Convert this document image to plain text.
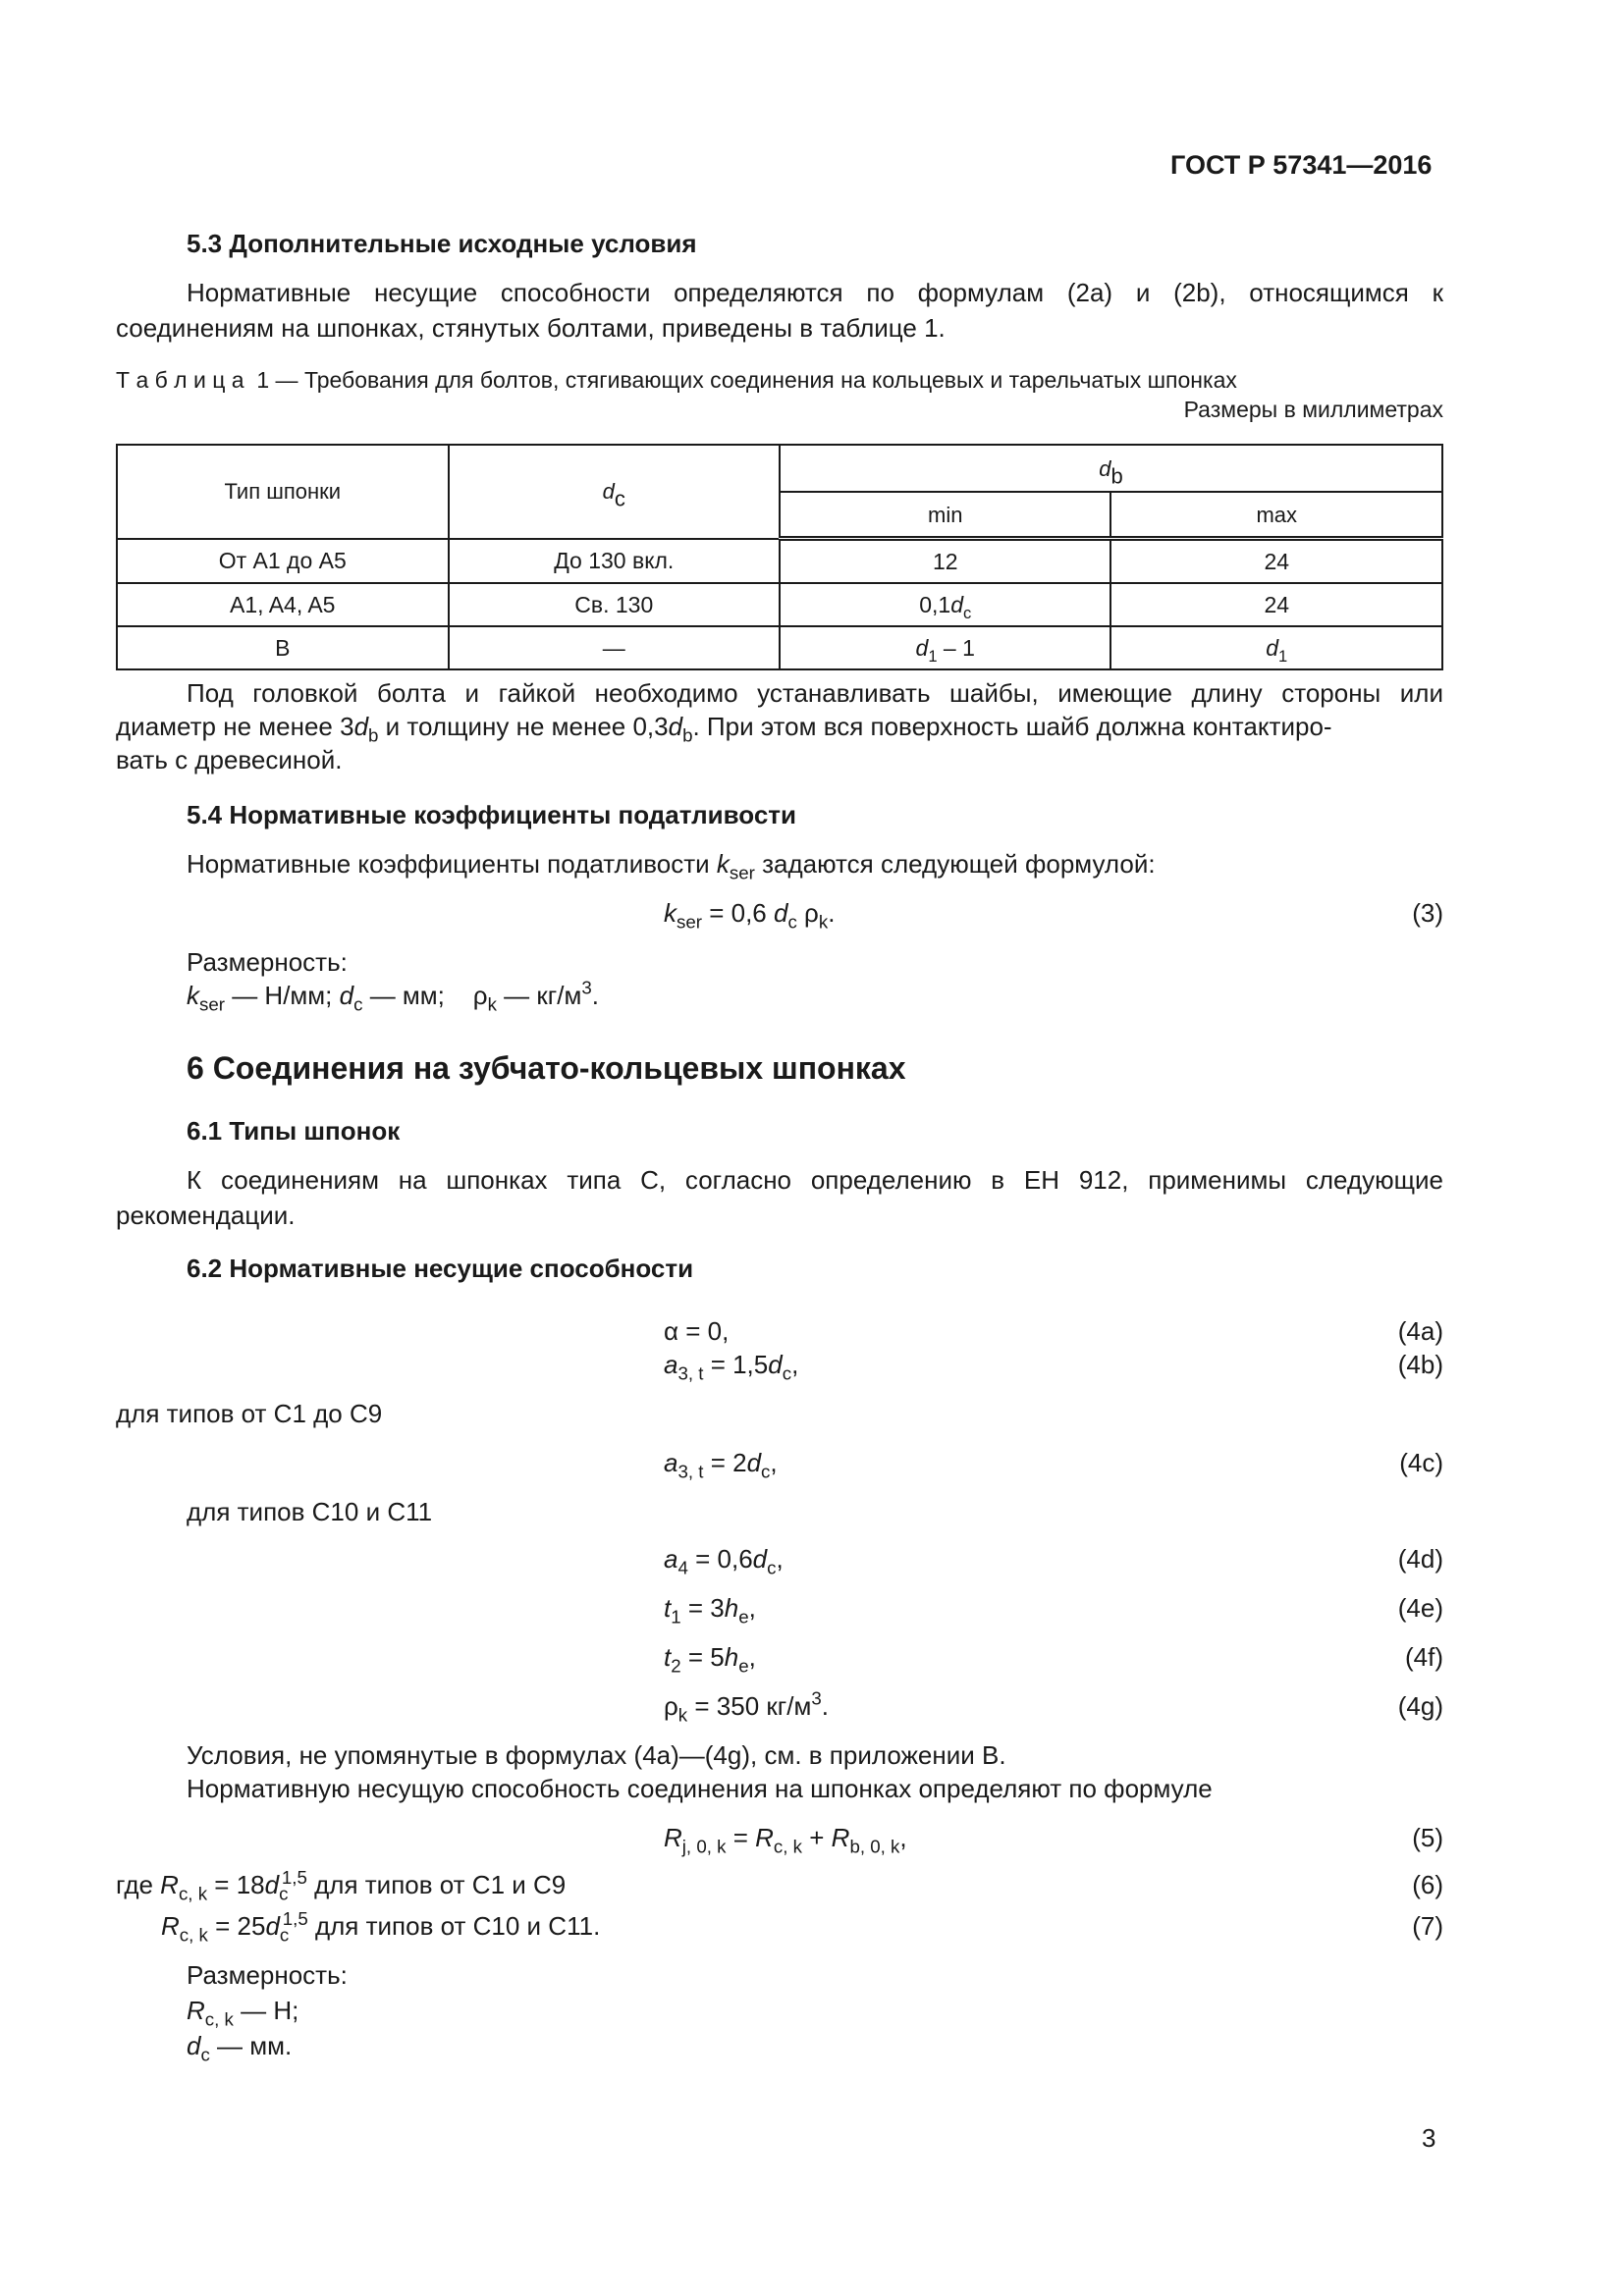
ГОСТ Р 57341—2016
5.3 Дополнительные исходные условия
Нормативные несущие способности определяются по формулам (2a) и (2b), относящимся к соединениям на шпонках, стянутых болтами, приведены в таблице 1.
Т а б л и ц а  1 — Требования для болтов, стягивающих соединения на кольцевых и тарельчатых шпонках
Размеры в миллиметрах
Тип шпонки	$d_c$	$d_b$
		min	max
От A1 до A5	До 130 вкл.	12	24
A1, A4, A5	Св. 130	$0,1d_c$	24
B	—	$d_1 - 1$	$d_1$
Под головкой болта и гайкой необходимо устанавливать шайбы, имеющие длину стороны или
диаметр не менее $3d_b$ и толщину не менее $0,3d_b$. При этом вся поверхность шайб должна контактиро-
вать с древесиной.
5.4 Нормативные коэффициенты податливости
Нормативные коэффициенты податливости $k_{ser}$ задаются следующей формулой:
$k_{ser} = 0,6$ $d_c$ $\rho_k$.	(3)
Размерность:
$k_{ser}$ — Н/мм; $d_c$ — мм;    $\rho_k$ — $кг/м^3$.
6 Соединения на зубчато-кольцевых шпонках
6.1 Типы шпонок
К соединениям на шпонках типа C, согласно определению в ЕН 912, применимы следующие рекомендации.
6.2 Нормативные несущие способности
α = 0,	(4a)
$a_{3, t} = 1,5d_c$,	(4b)
для типов от C1 до C9
$a_{3, t} = 2d_c$,	(4c)
для типов C10 и C11
$a_4 = 0,6d_c$,	(4d)
$t_1 = 3h_e$,	(4e)
$t_2 = 5h_e$,	(4f)
$\rho_k = 350$ $кг/м^3$.	(4g)
Условия, не упомянутые в формулах (4a)—(4g), см. в приложении B.
Нормативную несущую способность соединения на шпонках определяют по формуле
$R_{j, 0, k} = R_{c, k} + R_{b, 0, k}$,	(5)
где $R_{c, k} = 18d_c^{1,5}$ для типов от C1 и C9	(6)
$R_{c, k} = 25d_c^{1,5}$ для типов от C10 и C11.	(7)
Размерность:
$R_{c, k}$ — Н;
$d_c$ — мм.
3
